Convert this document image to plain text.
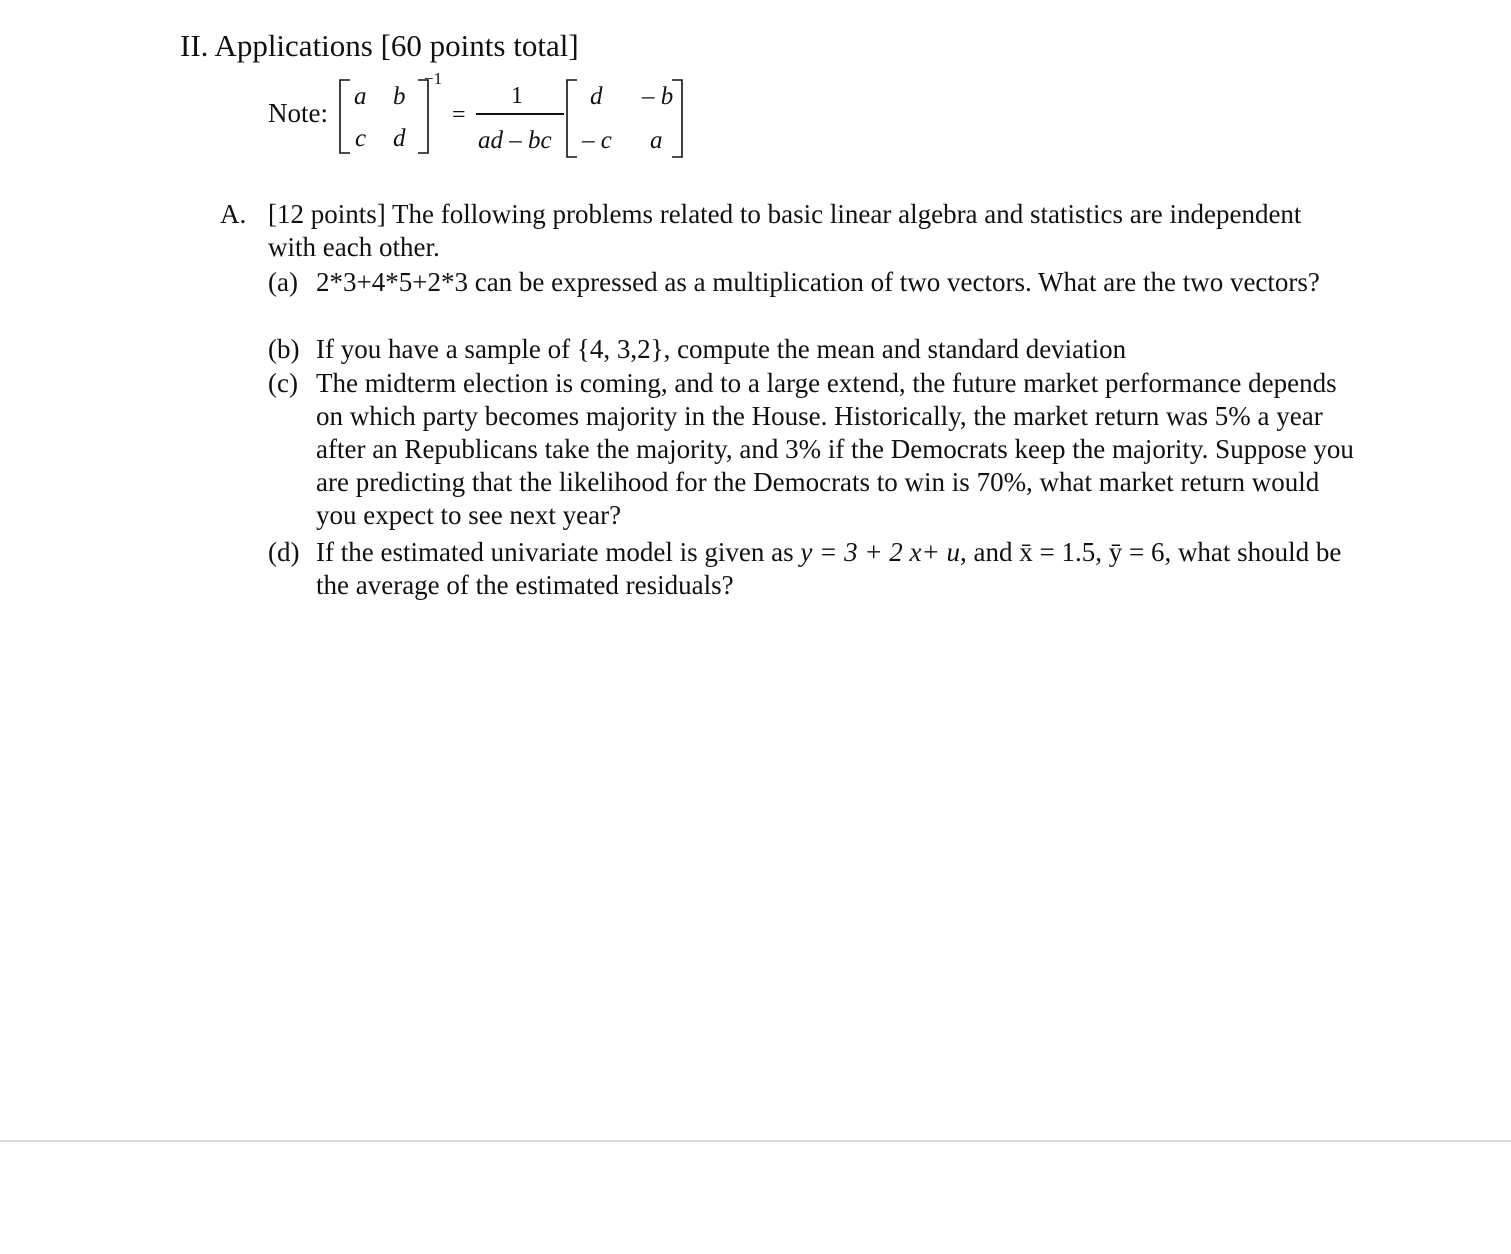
II. Applications [60 points total]
Note:
a b
c d
−1
=
1
ad – bc
d – b
– c a
A. [12 points] The following problems related to basic linear algebra and statistics are independent with each other.
(a) 2*3+4*5+2*3 can be expressed as a multiplication of two vectors. What are the two vectors?
(b) If you have a sample of {4, 3,2}, compute the mean and standard deviation
(c) The midterm election is coming, and to a large extend, the future market performance depends on which party becomes majority in the House. Historically, the market return was 5% a year after an Republicans take the majority, and 3% if the Democrats keep the majority. Suppose you are predicting that the likelihood for the Democrats to win is 70%, what market return would you expect to see next year?
(d) If the estimated univariate model is given as y = 3 + 2 x+ u, and x̄ = 1.5, ȳ = 6, what should be the average of the estimated residuals?
